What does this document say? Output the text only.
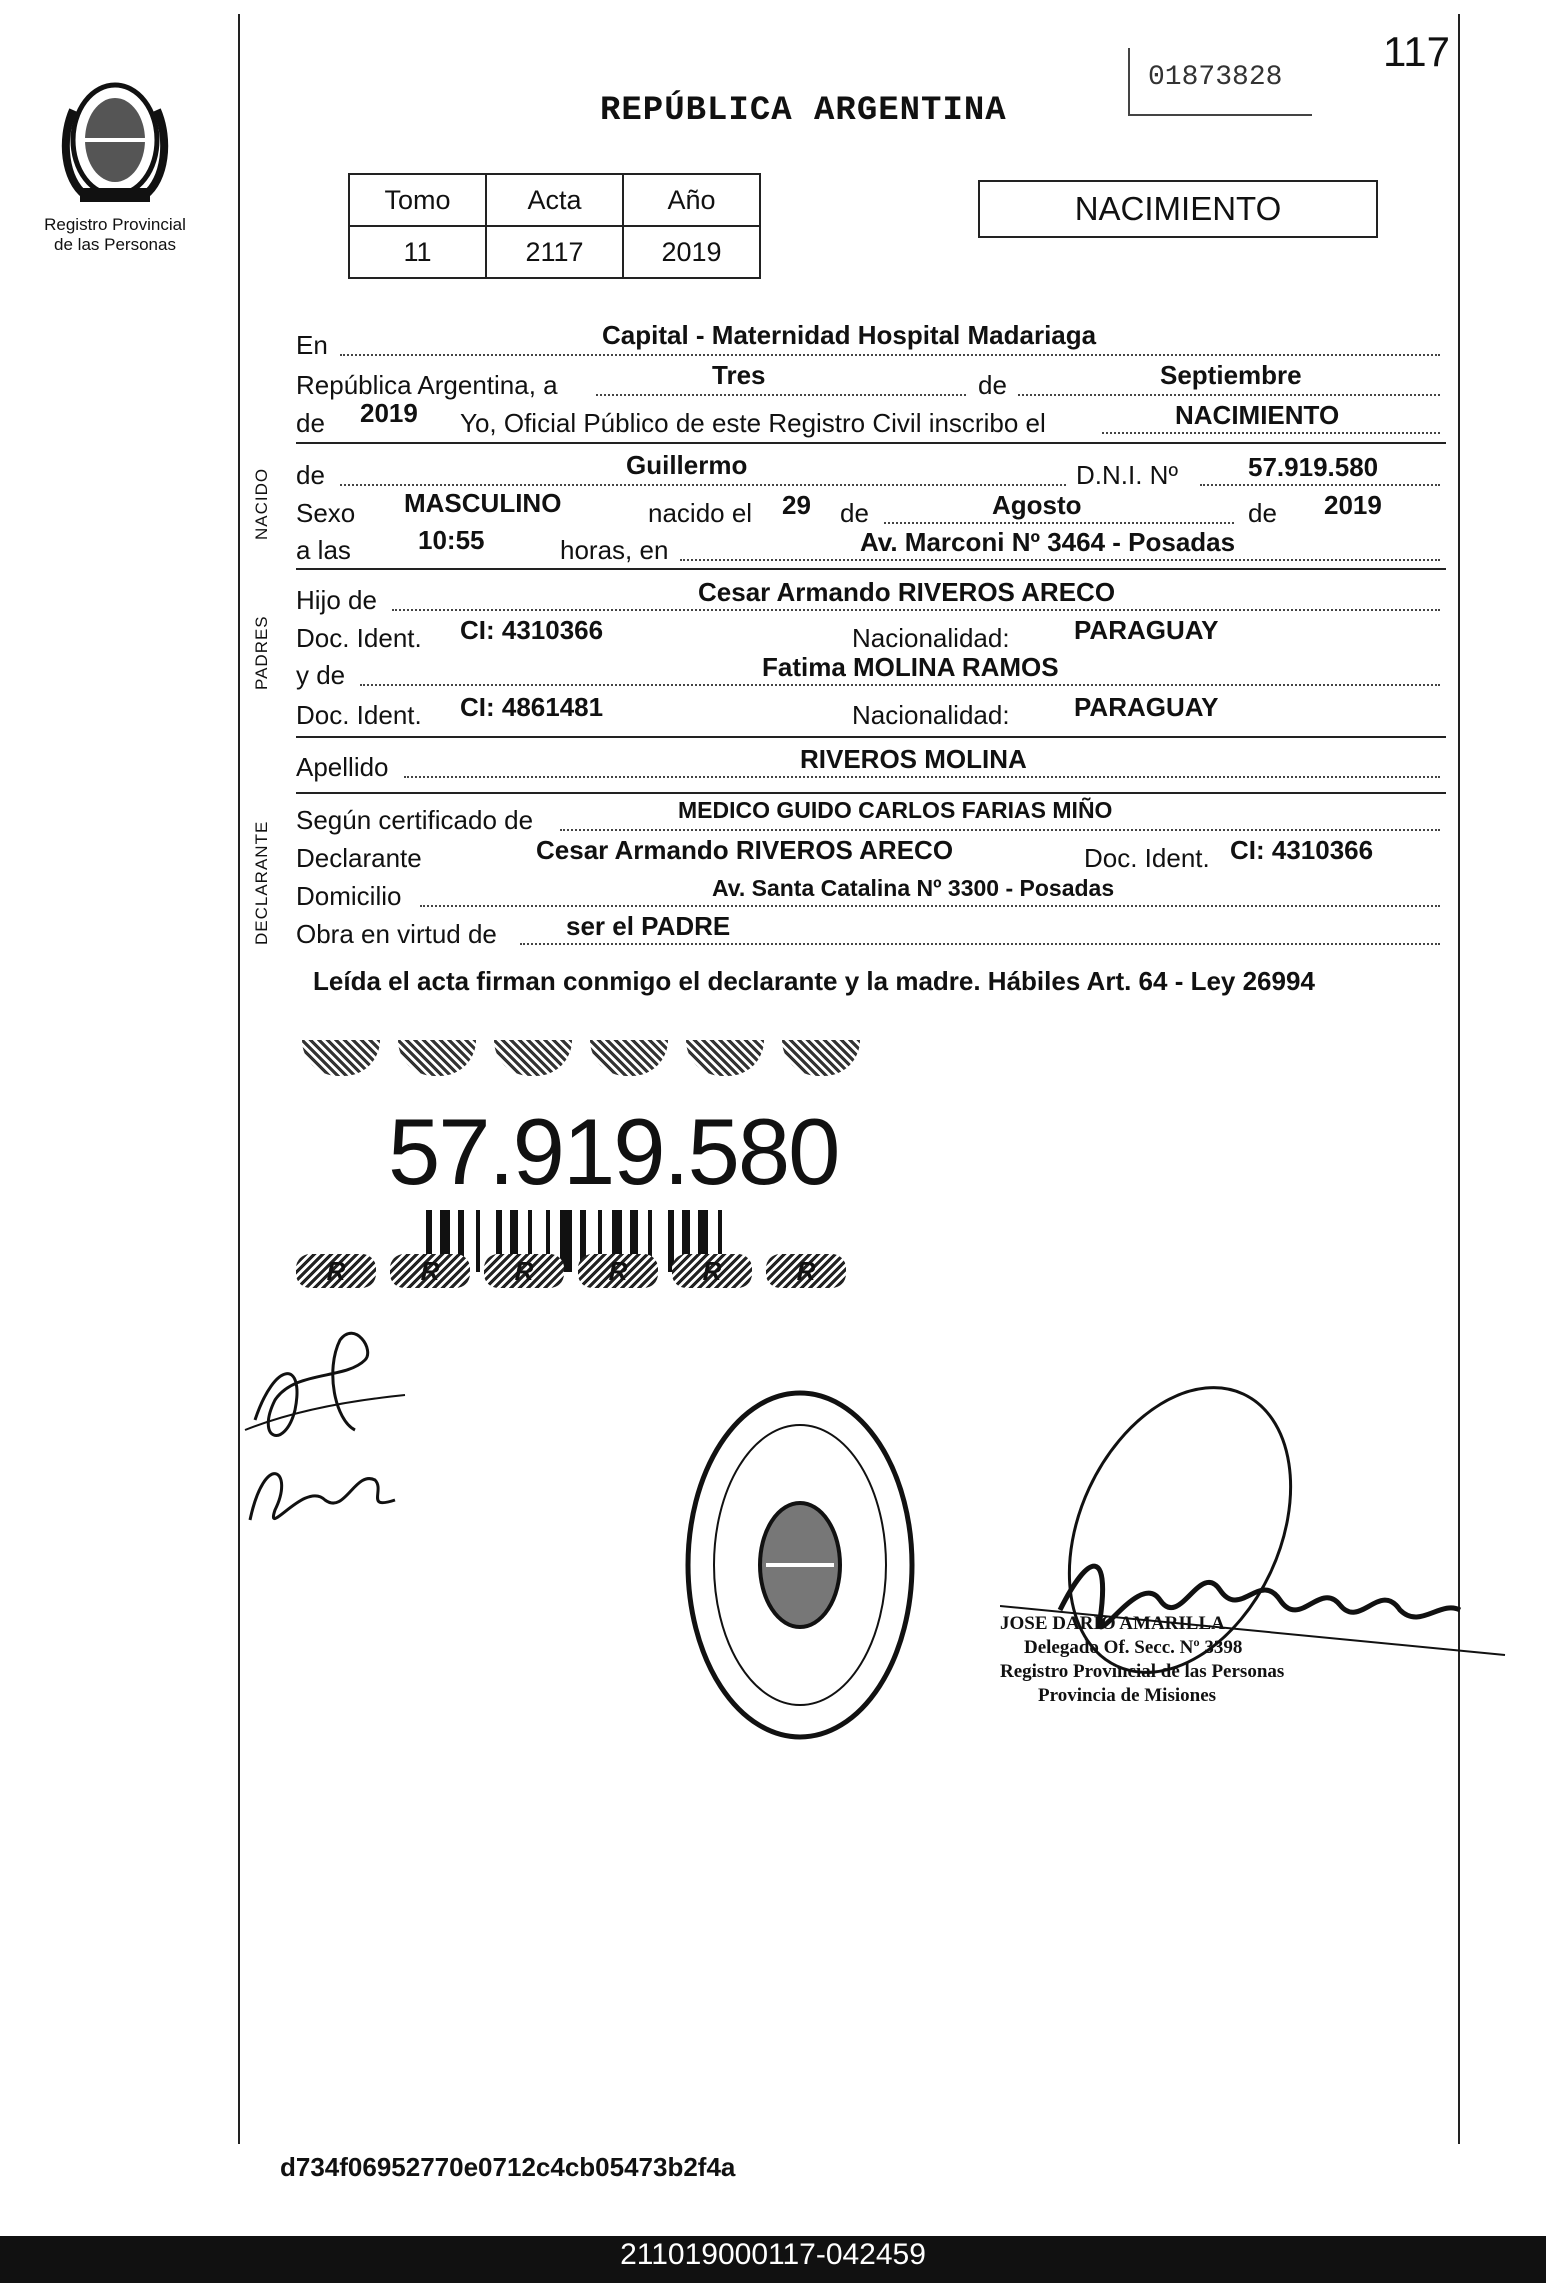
Registro Provincial
de las Personas
117
01873828
REPÚBLICA ARGENTINA
Tomo	Acta	Año
11	2117	2019
NACIMIENTO
En	Capital - Maternidad Hospital Madariaga
República Argentina, a	Tres	de	Septiembre
de 2019 Yo, Oficial Público de este Registro Civil inscribo el	NACIMIENTO
NACIDO de	Guillermo	D.N.I. Nº	57.919.580
Sexo MASCULINO	nacido el 29 de	Agosto	de 2019
a las	10:55	horas, en	Av. Marconi Nº 3464 - Posadas
PADRES
Hijo de	Cesar Armando RIVEROS ARECO
Doc. Ident. CI: 4310366	Nacionalidad: PARAGUAY
y de	Fatima MOLINA RAMOS
Doc. Ident. CI: 4861481	Nacionalidad: PARAGUAY
Apellido	RIVEROS MOLINA
DECLARANTE
Según certificado de	MEDICO GUIDO CARLOS FARIAS MIÑO
Declarante	Cesar Armando RIVEROS ARECO	Doc. Ident. CI: 4310366
Domicilio	Av. Santa Catalina Nº 3300 - Posadas
Obra en virtud de	ser el PADRE
Leída el acta firman conmigo el declarante y la madre. Hábiles Art. 64 - Ley 26994
57.919.580
R	R	R	R	R	R
JOSE DARIO AMARILLA
Delegado Of. Secc. Nº 3398
Registro Provincial de las Personas
Provincia de Misiones
d734f06952770e0712c4cb05473b2f4a
211019000117-042459
